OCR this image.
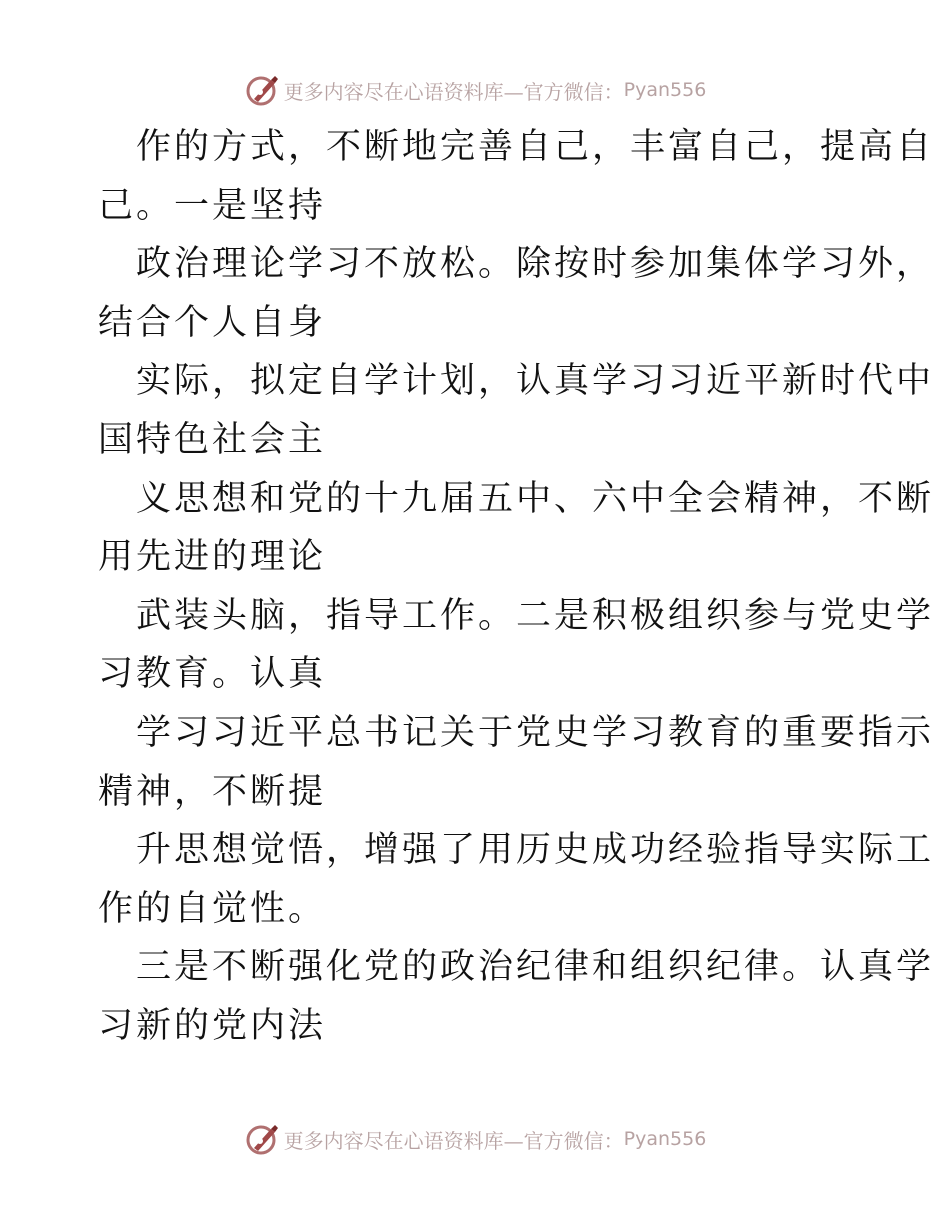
更多内容尽在心语资料库—官方微信： Pyan556
作的方式，不断地完善自己，丰富自己，提高自
己。一是坚持
政治理论学习不放松。除按时参加集体学习外，
结合个人自身
实际，拟定自学计划，认真学习习近平新时代中
国特色社会主
义思想和党的十九届五中、六中全会精神，不断
用先进的理论
武装头脑，指导工作。二是积极组织参与党史学
习教育。认真
学习习近平总书记关于党史学习教育的重要指示
精神，不断提
升思想觉悟，增强了用历史成功经验指导实际工
作的自觉性。
三是不断强化党的政治纪律和组织纪律。认真学
习新的党内法
更多内容尽在心语资料库—官方微信： Pyan556
